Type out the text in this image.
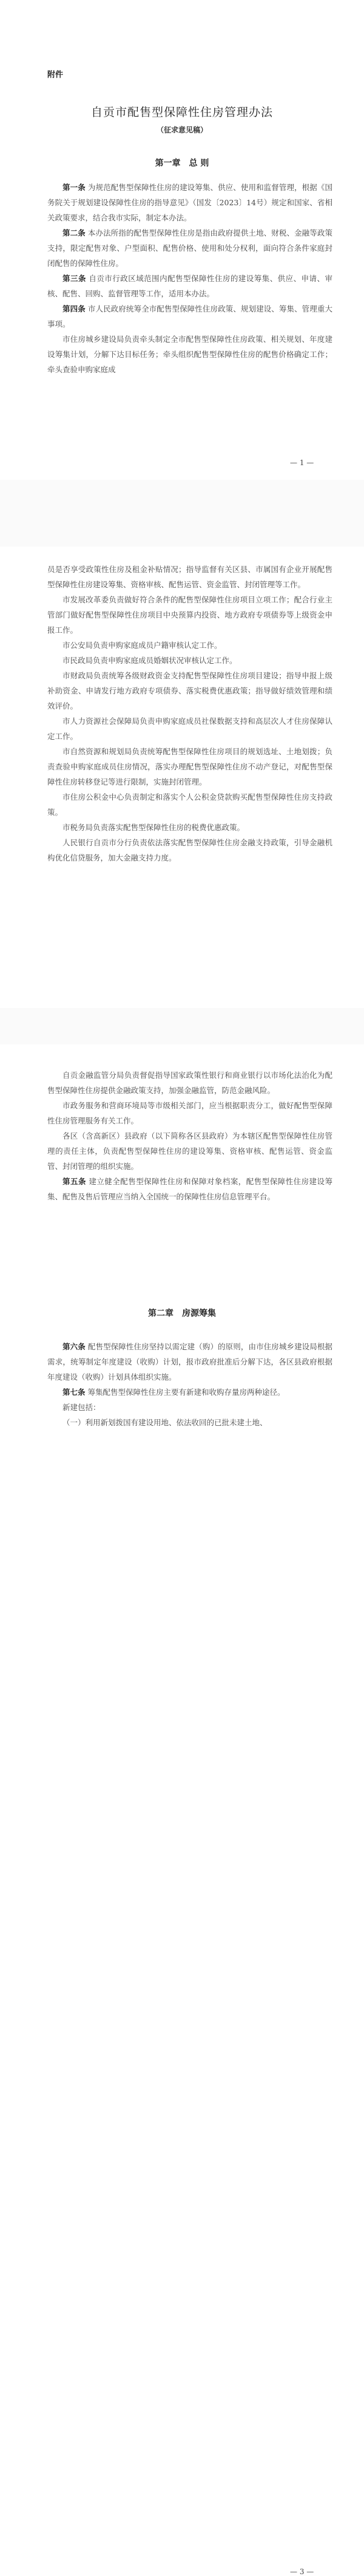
附件
自贡市配售型保障性住房管理办法
（征求意见稿）
第一章　总 则

第一条 为规范配售型保障性住房的建设筹集、供应、使用和监督管理，根据《国务院关于规划建设保障性住房的指导意见》（国发〔2023〕14号）规定和国家、省相关政策要求，结合我市实际，制定本办法。

第二条 本办法所指的配售型保障性住房是指由政府提供土地、财税、金融等政策支持，限定配售对象、户型面积、配售价格、使用和处分权利，面向符合条件家庭封闭配售的保障性住房。

第三条 自贡市行政区域范围内配售型保障性住房的建设筹集、供应、申请、审核、配售、回购、监督管理等工作，适用本办法。

第四条 市人民政府统筹全市配售型保障性住房政策、规划建设、筹集、管理重大事项。

市住房城乡建设局负责牵头制定全市配售型保障性住房政策、相关规划、年度建设筹集计划，分解下达目标任务；牵头组织配售型保障性住房的配售价格确定工作；牵头查验申购家庭成

— 1 —

员是否享受政策性住房及租金补贴情况；指导监督有关区县、市属国有企业开展配售型保障性住房建设筹集、资格审核、配售运管、资金监管、封闭管理等工作。

市发展改革委负责做好符合条件的配售型保障性住房项目立项工作；配合行业主管部门做好配售型保障性住房项目中央预算内投资、地方政府专项债券等上级资金申报工作。

市公安局负责申购家庭成员户籍审核认定工作。

市民政局负责申购家庭成员婚姻状况审核认定工作。

市财政局负责统筹各级财政资金支持配售型保障性住房项目建设；指导申报上级补助资金、申请发行地方政府专项债券、落实税费优惠政策；指导做好绩效管理和绩效评价。

市人力资源社会保障局负责申购家庭成员社保数据支持和高层次人才住房保障认定工作。

市自然资源和规划局负责统筹配售型保障性住房项目的规划选址、土地划拨；负责查验申购家庭成员住房情况，落实办理配售型保障性住房不动产登记，对配售型保障性住房转移登记等进行限制，实施封闭管理。

市住房公积金中心负责制定和落实个人公积金贷款购买配售型保障性住房支持政策。

市税务局负责落实配售型保障性住房的税费优惠政策。

人民银行自贡市分行负责依法落实配售型保障性住房金融支持政策，引导金融机构优化信贷服务，加大金融支持力度。

自贡金融监管分局负责督促指导国家政策性银行和商业银行以市场化法治化为配售型保障性住房提供金融政策支持，加强金融监管，防范金融风险。

市政务服务和营商环境局等市级相关部门，应当根据职责分工，做好配售型保障性住房管理服务有关工作。

各区（含高新区）县政府（以下简称各区县政府）为本辖区配售型保障性住房管理的责任主体，负责配售型保障性住房的建设筹集、资格审核、配售运管、资金监管、封闭管理的组织实施。

第五条 建立健全配售型保障性住房和保障对象档案，配售型保障性住房建设筹集、配售及售后管理应当纳入全国统一的保障性住房信息管理平台。

第六条 配售型保障性住房坚持以需定建（购）的原则，由市住房城乡建设局根据需求，统筹制定年度建设（收购）计划，报市政府批准后分解下达，各区县政府根据年度建设（收购）计划具体组织实施。

第七条 筹集配售型保障性住房主要有新建和收购存量房两种途径。

新建包括：

（一）利用新划拨国有建设用地、依法收回的已批未建土地、

— 3 —
第二章　房源筹集
